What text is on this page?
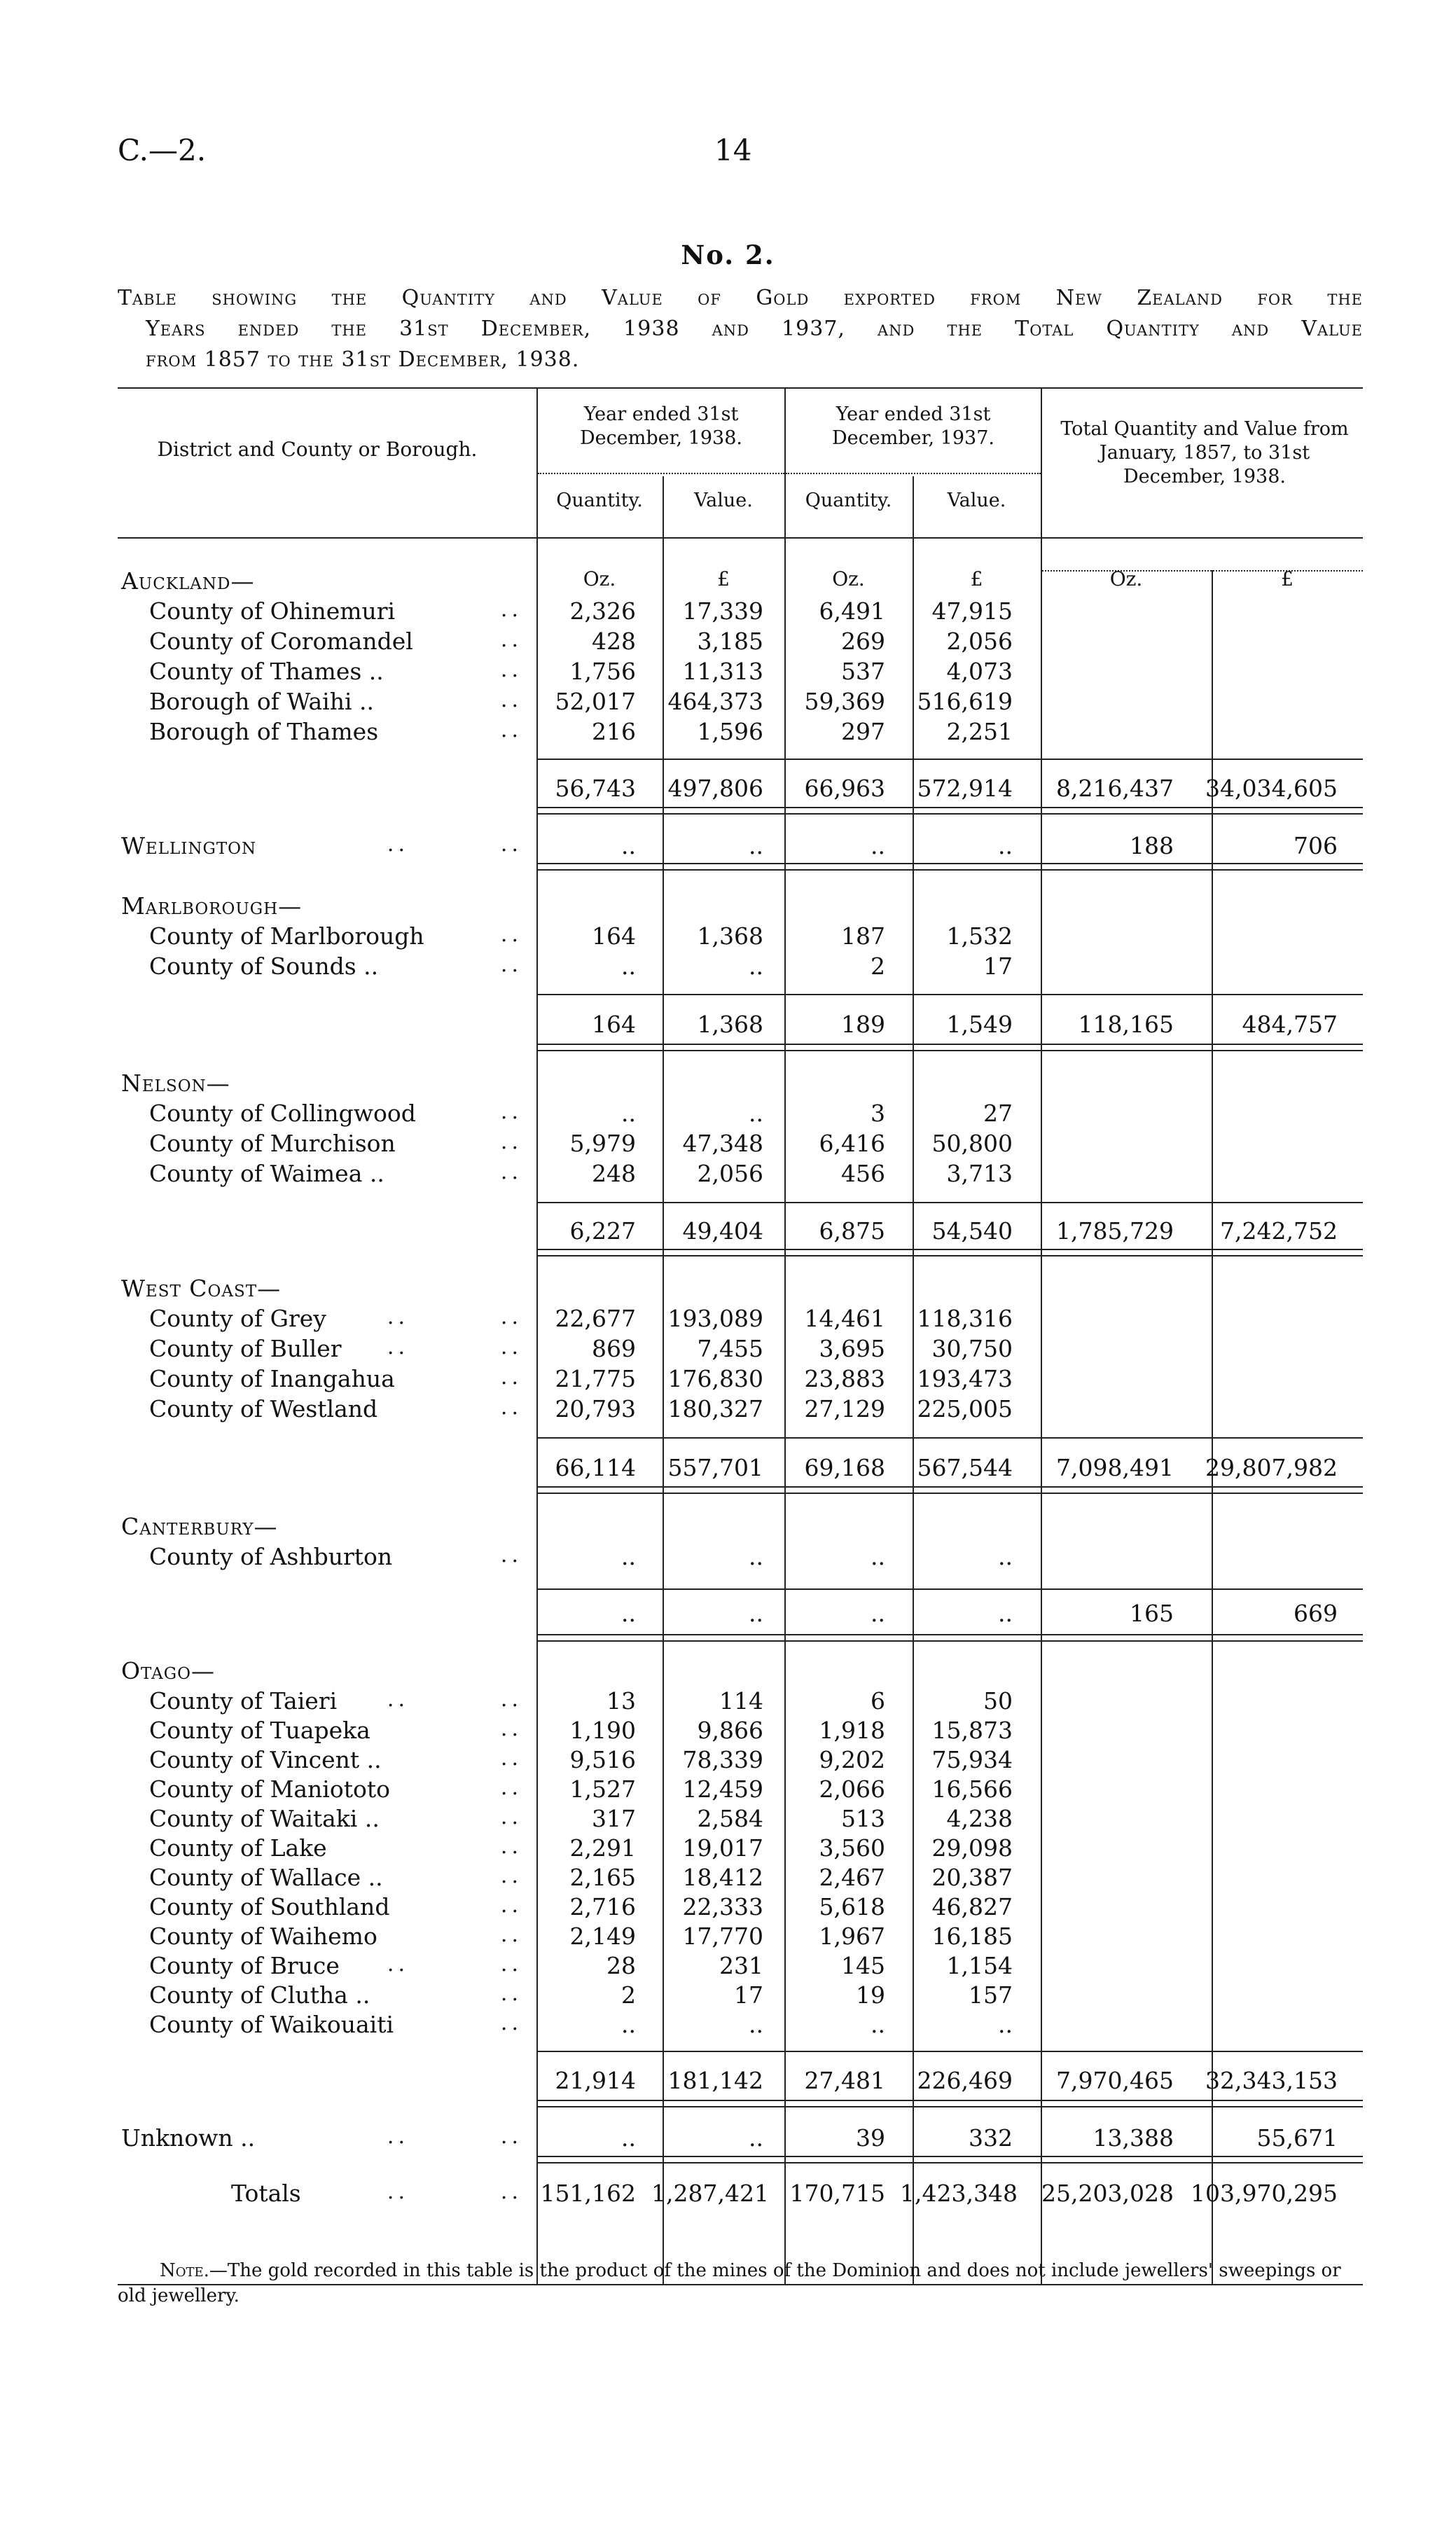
C.—2.	14
No. 2.
Table showing the Quantity and Value of Gold exported from New Zealand for the
Years ended the 31st December, 1938 and 1937, and the Total Quantity and Value
from 1857 to the 31st December, 1938.
District and County or Borough.
Year ended 31st December, 1938.
Year ended 31st December, 1937.	Total Quantity and Value from January, 1857, to 31st December, 1938.
Quantity.	Value.	Quantity.	Value.
Auckland—	Oz.	£	Oz.	£	Oz.	£
County of Ohinemuri	..	2,326	17,339	6,491	47,915
County of Coromandel	..	428	3,185	269	2,056
County of Thames ..	..	1,756	11,313	537	4,073
Borough of Waihi ..	..	52,017	464,373	59,369	516,619
Borough of Thames	..	216	1,596	297	2,251
56,743	497,806	66,963	572,914	8,216,437	34,034,605
Wellington	..	..	..	..	..	..	188	706
Marlborough—
County of Marlborough	..	164	1,368	187	1,532
County of Sounds ..	..	..	..	2	17
164	1,368	189	1,549	118,165	484,757
Nelson—
County of Collingwood	..	..	..	3	27
County of Murchison	..	5,979	47,348	6,416	50,800
County of Waimea ..	..	248	2,056	456	3,713
6,227	49,404	6,875	54,540	1,785,729	7,242,752
West Coast—
County of Grey	..	..	22,677	193,089	14,461	118,316
County of Buller	..	..	869	7,455	3,695	30,750
County of Inangahua	..	21,775	176,830	23,883	193,473
County of Westland	..	20,793	180,327	27,129	225,005
66,114	557,701	69,168	567,544	7,098,491	29,807,982
Canterbury—
County of Ashburton	..	..	..	..	..
..	..	..	..	165	669
Otago—
County of Taieri	..	..	13	114	6	50
County of Tuapeka	..	1,190	9,866	1,918	15,873
County of Vincent ..	..	9,516	78,339	9,202	75,934
County of Maniototo	..	1,527	12,459	2,066	16,566
County of Waitaki ..	..	317	2,584	513	4,238
County of Lake	..	2,291	19,017	3,560	29,098
County of Wallace ..	..	2,165	18,412	2,467	20,387
County of Southland	..	2,716	22,333	5,618	46,827
County of Waihemo	..	2,149	17,770	1,967	16,185
County of Bruce	..	..	28	231	145	1,154
County of Clutha ..	..	2	17	19	157
County of Waikouaiti	..	..	..	..	..
21,914	181,142	27,481	226,469	7,970,465	32,343,153
Unknown ..	..	..	..	..	39	332	13,388	55,671
Totals	..	.. 151,162 1,287,421 170,715 1,423,348	25,203,028 103,970,295
Note.—The gold recorded in this table is the product of the mines of the Dominion and does not include jewellers' sweepings or old jewellery.
